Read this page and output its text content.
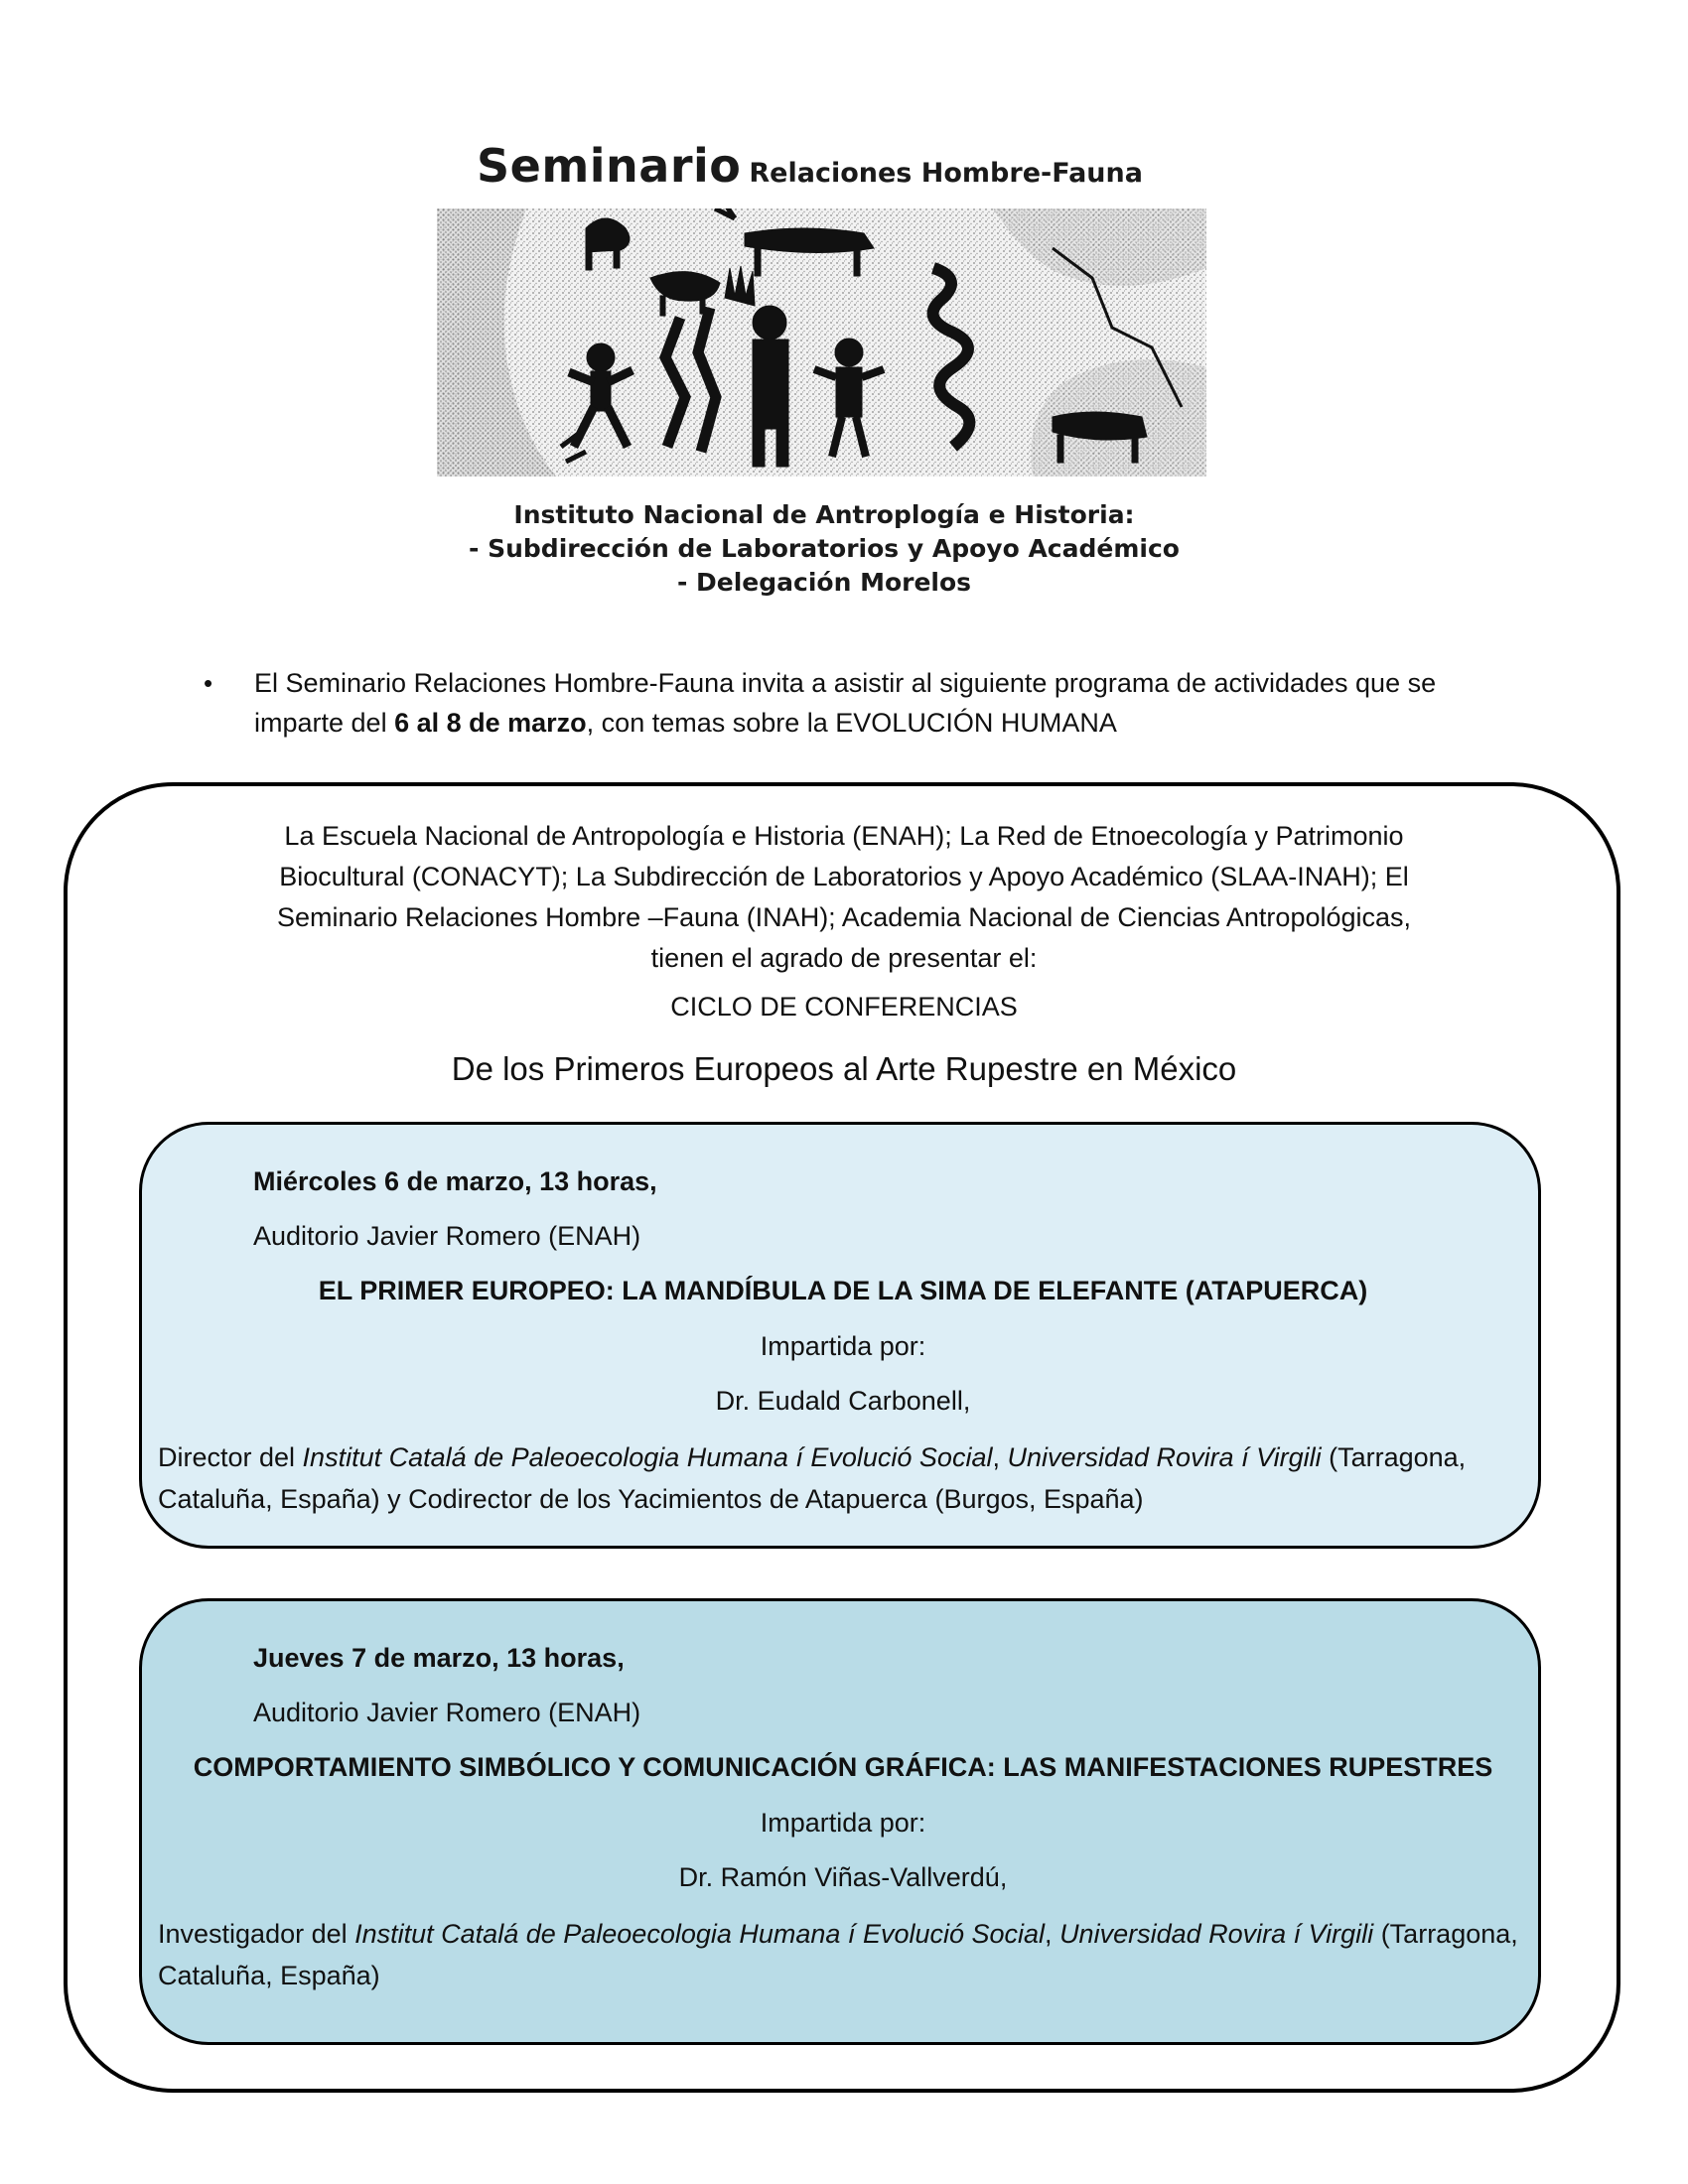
Seminario Relaciones Hombre-Fauna
Instituto Nacional de Antroplogía e Historia:
- Subdirección de Laboratorios y Apoyo Académico
- Delegación Morelos
• El Seminario Relaciones Hombre-Fauna invita a asistir al siguiente programa de actividades que se imparte del 6 al 8 de marzo, con temas sobre la EVOLUCIÓN HUMANA
La Escuela Nacional de Antropología e Historia (ENAH); La Red de Etnoecología y Patrimonio
Biocultural (CONACYT); La Subdirección de Laboratorios y Apoyo Académico (SLAA-INAH); El
Seminario Relaciones Hombre –Fauna (INAH); Academia Nacional de Ciencias Antropológicas,
tienen el agrado de presentar el:
CICLO DE CONFERENCIAS
De los Primeros Europeos al Arte Rupestre en México
Miércoles 6 de marzo, 13 horas,
Auditorio Javier Romero (ENAH)
EL PRIMER EUROPEO: LA MANDÍBULA DE LA SIMA DE ELEFANTE (ATAPUERCA)
Impartida por:
Dr. Eudald Carbonell,
Director del Institut Catalá de Paleoecologia Humana í Evolució Social, Universidad Rovira í Virgili (Tarragona, Cataluña, España) y Codirector de los Yacimientos de Atapuerca (Burgos, España)
Jueves 7 de marzo, 13 horas,
Auditorio Javier Romero (ENAH)
COMPORTAMIENTO SIMBÓLICO Y COMUNICACIÓN GRÁFICA: LAS MANIFESTACIONES RUPESTRES
Impartida por:
Dr. Ramón Viñas-Vallverdú,
Investigador del Institut Catalá de Paleoecologia Humana í Evolució Social, Universidad Rovira í Virgili (Tarragona, Cataluña, España)
